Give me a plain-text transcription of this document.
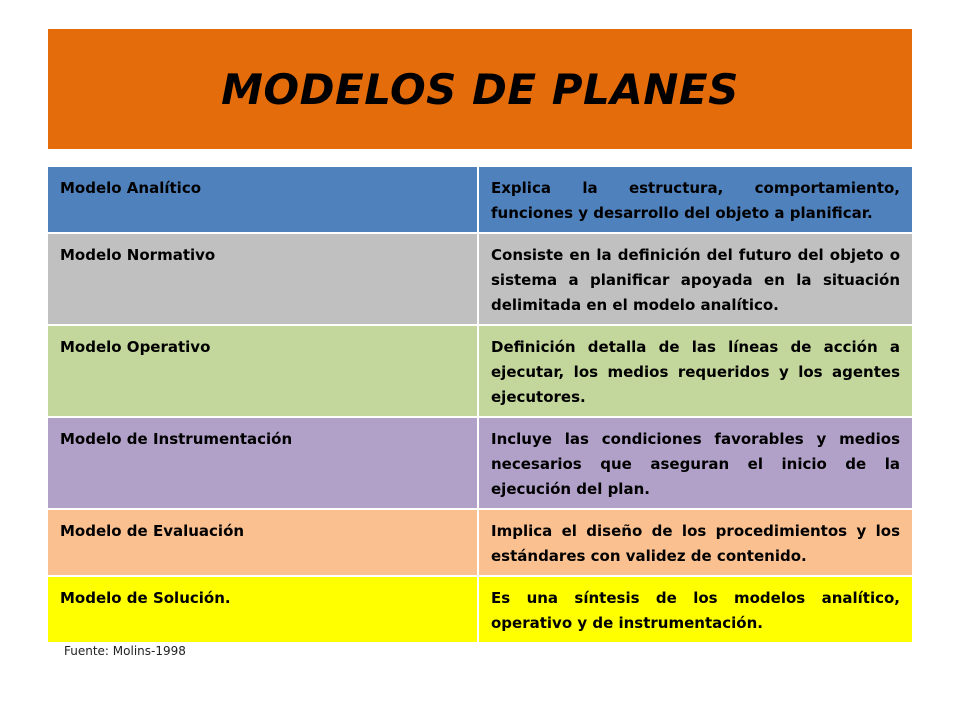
MODELOS DE PLANES
Modelo Analítico	Explica la estructura, comportamiento, funciones y desarrollo del objeto a planificar.
Modelo Normativo	Consiste en la definición del futuro del objeto o sistema a planificar apoyada en la situación delimitada en el modelo analítico.
Modelo Operativo	Definición detalla de las líneas de acción a ejecutar, los medios requeridos y los agentes ejecutores.
Modelo de Instrumentación	Incluye las condiciones favorables y medios necesarios que aseguran el inicio de la ejecución del plan.
Modelo de Evaluación	Implica el diseño de los procedimientos y los estándares con validez de contenido.
Modelo de Solución.	Es una síntesis de los modelos analítico, operativo y de instrumentación.
Fuente: Molins-1998
